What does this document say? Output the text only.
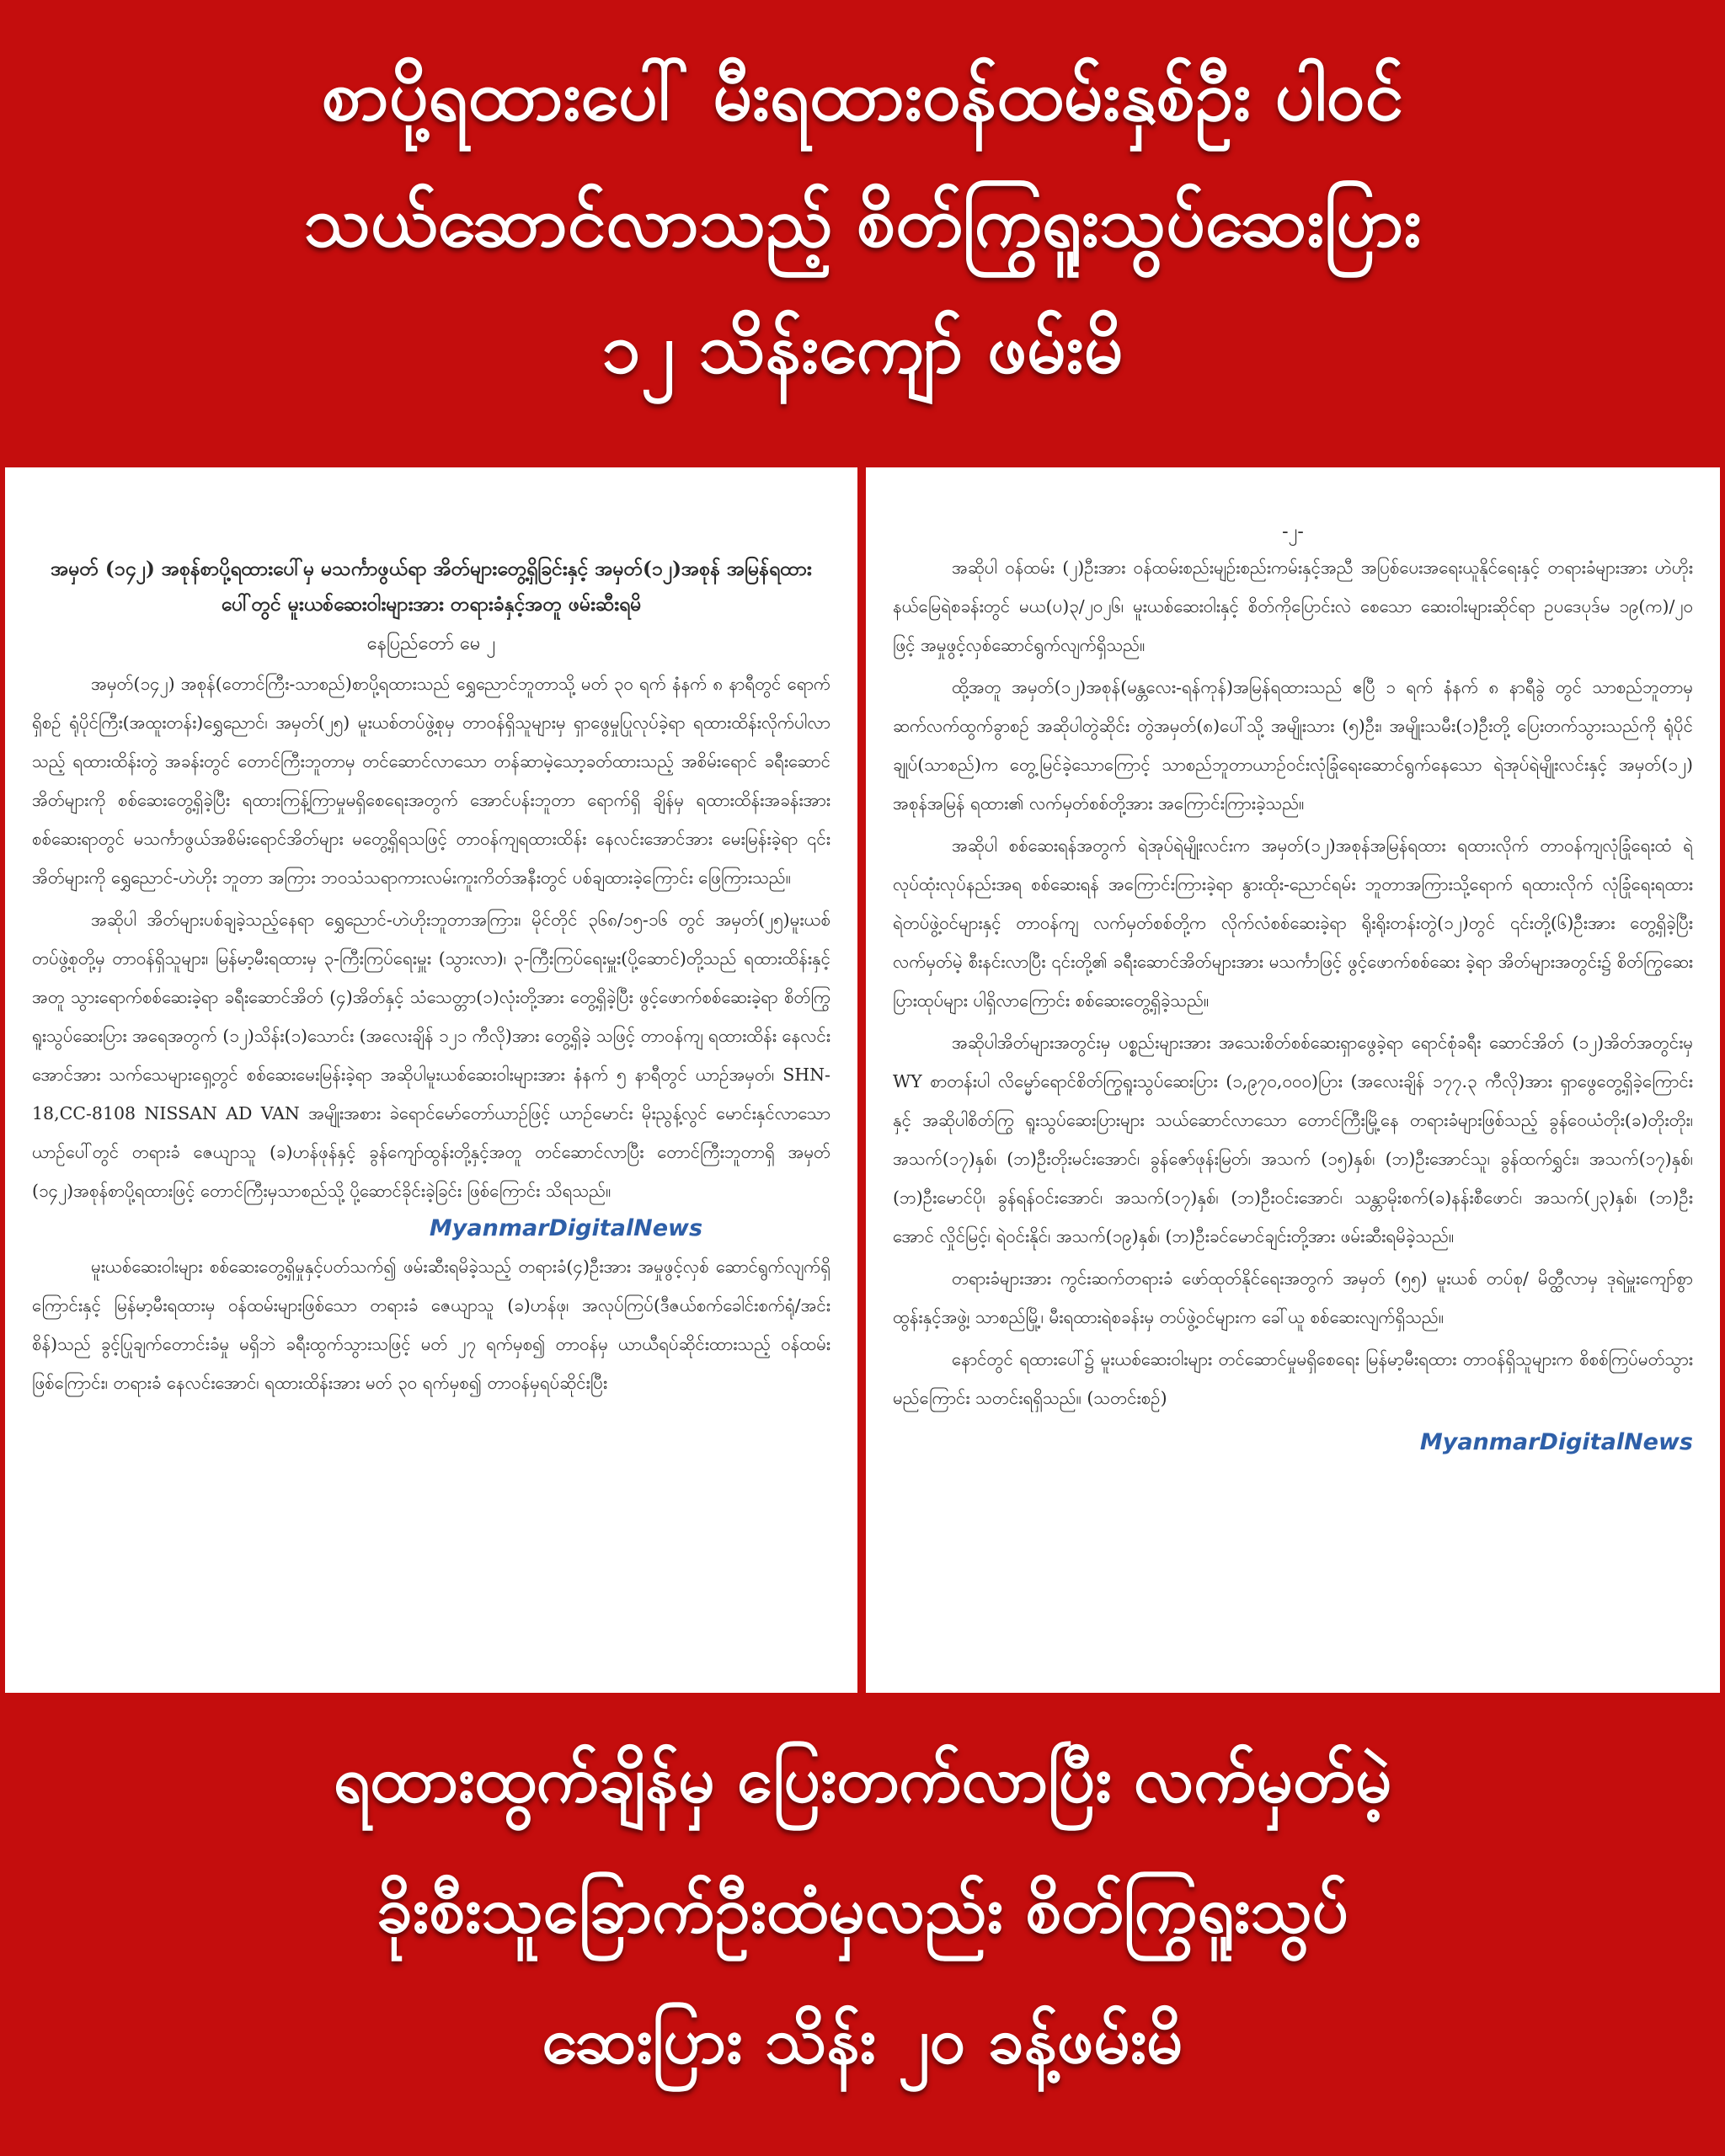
စာပို့ရထားပေါ် မီးရထားဝန်ထမ်းနှစ်ဦး ပါဝင်
သယ်ဆောင်လာသည့် စိတ်ကြွရူးသွပ်ဆေးပြား
၁၂ သိန်းကျော် ဖမ်းမိ
အမှတ် (၁၄၂) အစုန်စာပို့ရထားပေါ်မှ မသင်္ကာဖွယ်ရာ အိတ်များတွေ့ရှိခြင်းနှင့် အမှတ်(၁၂)အစုန် အမြန်ရထားပေါ်တွင် မူးယစ်ဆေးဝါးများအား တရားခံနှင့်အတူ ဖမ်းဆီးရမိ
နေပြည်တော် မေ ၂

အမှတ်(၁၄၂) အစုန်(တောင်ကြီး-သာစည်)စာပို့ရထားသည် ရွှေညောင်ဘူတာသို့ မတ် ၃၀ ရက် နံနက် ၈ နာရီတွင် ရောက်ရှိစဉ် ရုံပိုင်ကြီး(အထူးတန်း)ရွှေညောင်၊ အမှတ်(၂၅) မူးယစ်တပ်ဖွဲ့စုမှ တာဝန်ရှိသူများမှ ရှာဖွေမှုပြုလုပ်ခဲ့ရာ ရထားထိန်းလိုက်ပါလာသည့် ရထားထိန်းတွဲ အခန်းတွင် တောင်ကြီးဘူတာမှ တင်ဆောင်လာသော တန်ဆာမဲ့သော့ခတ်ထားသည့် အစိမ်းရောင် ခရီးဆောင် အိတ်များကို စစ်ဆေးတွေ့ရှိခဲ့ပြီး ရထားကြန့်ကြာမှုမရှိစေရေးအတွက် အောင်ပန်းဘူတာ ရောက်ရှိ ချိန်မှ ရထားထိန်းအခန်းအား စစ်ဆေးရာတွင် မသင်္ကာဖွယ်အစိမ်းရောင်အိတ်များ မတွေ့ရှိရသဖြင့် တာဝန်ကျရထားထိန်း နေလင်းအောင်အား မေးမြန်းခဲ့ရာ ၎င်းအိတ်များကို ရွှေညောင်-ဟဲဟိုး ဘူတာ အကြား ဘဝသံသရာကားလမ်းကူးကိတ်အနီးတွင် ပစ်ချထားခဲ့ကြောင်း ဖြေကြားသည်။

အဆိုပါ အိတ်များပစ်ချခဲ့သည့်နေရာ ရွှေညောင်-ဟဲဟိုးဘူတာအကြား၊ မိုင်တိုင် ၃၆၈/၁၅-၁၆ တွင် အမှတ်(၂၅)မူးယစ်တပ်ဖွဲ့စုတို့မှ တာဝန်ရှိသူများ၊ မြန်မာ့မီးရထားမှ ၃-ကြီးကြပ်ရေးမှူး (သွားလာ)၊ ၃-ကြီးကြပ်ရေးမှူး(ပို့ဆောင်)တို့သည် ရထားထိန်းနှင့်အတူ သွားရောက်စစ်ဆေးခဲ့ရာ ခရီးဆောင်အိတ် (၄)အိတ်နှင့် သံသေတ္တာ(၁)လုံးတို့အား တွေ့ရှိခဲ့ပြီး ဖွင့်ဖောက်စစ်ဆေးခဲ့ရာ စိတ်ကြွရူးသွပ်ဆေးပြား အရေအတွက် (၁၂)သိန်း(၁)သောင်း (အလေးချိန် ၁၂၁ ကီလို)အား တွေ့ရှိခဲ့ သဖြင့် တာဝန်ကျ ရထားထိန်း နေလင်းအောင်အား သက်သေများရှေ့တွင် စစ်ဆေးမေးမြန်းခဲ့ရာ အဆိုပါမူးယစ်ဆေးဝါးများအား နံနက် ၅ နာရီတွင် ယာဉ်အမှတ်၊ SHN-18,CC-8108 NISSAN AD VAN အမျိုးအစား ခဲရောင်မော်တော်ယာဉ်ဖြင့် ယာဉ်မောင်း မိုးညွန့်လွင် မောင်းနှင်လာသော ယာဉ်ပေါ်တွင် တရားခံ ဇေယျာသူ (ခ)ဟန်ဖုန်နှင့် ခွန်ကျော်ထွန်းတို့နှင့်အတူ တင်ဆောင်လာပြီး တောင်ကြီးဘူတာရှိ အမှတ် (၁၄၂)အစုန်စာပို့ရထားဖြင့် တောင်ကြီးမှသာစည်သို့ ပို့ဆောင်ခိုင်းခဲ့ခြင်း ဖြစ်ကြောင်း သိရသည်။

MyanmarDigitalNews

မူးယစ်ဆေးဝါးများ စစ်ဆေးတွေ့ရှိမှုနှင့်ပတ်သက်၍ ဖမ်းဆီးရမိခဲ့သည့် တရားခံ(၄)ဦးအား အမှုဖွင့်လှစ် ဆောင်ရွက်လျက်ရှိကြောင်းနှင့် မြန်မာ့မီးရထားမှ ဝန်ထမ်းများဖြစ်သော တရားခံ ဇေယျာသူ (ခ)ဟန်ဖု၊ အလုပ်ကြပ်(ဒီဇယ်စက်ခေါင်းစက်ရုံ/အင်းစိန်)သည် ခွင့်ပြုချက်တောင်းခံမှု မရှိဘဲ ခရီးထွက်သွားသဖြင့် မတ် ၂၇ ရက်မှစ၍ တာဝန်မှ ယာယီရပ်ဆိုင်းထားသည့် ဝန်ထမ်း ဖြစ်ကြောင်း၊ တရားခံ နေလင်းအောင်၊ ရထားထိန်းအား မတ် ၃၀ ရက်မှစ၍ တာဝန်မှရပ်ဆိုင်းပြီး

-၂-

အဆိုပါ ဝန်ထမ်း (၂)ဦးအား ဝန်ထမ်းစည်းမျဉ်းစည်းကမ်းနှင့်အညီ အပြစ်ပေးအရေးယူနိုင်ရေးနှင့် တရားခံများအား ဟဲဟိုးနယ်မြေရဲစခန်းတွင် မယ(ပ)၃/၂၀၂၆၊ မူးယစ်ဆေးဝါးနှင့် စိတ်ကိုပြောင်းလဲ စေသော ဆေးဝါးများဆိုင်ရာ ဥပဒေပုဒ်မ ၁၉(က)/၂၀ ဖြင့် အမှုဖွင့်လှစ်ဆောင်ရွက်လျက်ရှိသည်။

ထို့အတူ အမှတ်(၁၂)အစုန်(မန္တလေး-ရန်ကုန်)အမြန်ရထားသည် ဧပြီ ၁ ရက် နံနက် ၈ နာရီခွဲ တွင် သာစည်ဘူတာမှ ဆက်လက်ထွက်ခွာစဉ် အဆိုပါတွဲဆိုင်း တွဲအမှတ်(၈)ပေါ်သို့ အမျိုးသား (၅)ဦး၊ အမျိုးသမီး(၁)ဦးတို့ ပြေးတက်သွားသည်ကို ရုံပိုင်ချုပ်(သာစည်)က တွေ့မြင်ခဲ့သောကြောင့် သာစည်ဘူတာယာဉ်ဝင်းလုံခြုံရေးဆောင်ရွက်နေသော ရဲအုပ်ရဲမျိုးလင်းနှင့် အမှတ်(၁၂) အစုန်အမြန် ရထား၏ လက်မှတ်စစ်တို့အား အကြောင်းကြားခဲ့သည်။

အဆိုပါ စစ်ဆေးရန်အတွက် ရဲအုပ်ရဲမျိုးလင်းက အမှတ်(၁၂)အစုန်အမြန်ရထား ရထားလိုက် တာဝန်ကျလုံခြုံရေးထံ ရဲလုပ်ထုံးလုပ်နည်းအရ စစ်ဆေးရန် အကြောင်းကြားခဲ့ရာ နွားထိုး-ညောင်ရမ်း ဘူတာအကြားသို့ရောက် ရထားလိုက် လုံခြုံရေးရထားရဲတပ်ဖွဲ့ဝင်များနှင့် တာဝန်ကျ လက်မှတ်စစ်တို့က လိုက်လံစစ်ဆေးခဲ့ရာ ရိုးရိုးတန်းတွဲ(၁၂)တွင် ၎င်းတို့(၆)ဦးအား တွေ့ရှိခဲ့ပြီး လက်မှတ်မဲ့ စီးနင်းလာပြီး ၎င်းတို့၏ ခရီးဆောင်အိတ်များအား မသင်္ကာဖြင့် ဖွင့်ဖောက်စစ်ဆေး ခဲ့ရာ အိတ်များအတွင်း၌ စိတ်ကြွဆေးပြားထုပ်များ ပါရှိလာကြောင်း စစ်ဆေးတွေ့ရှိခဲ့သည်။

အဆိုပါအိတ်များအတွင်းမှ ပစ္စည်းများအား အသေးစိတ်စစ်ဆေးရှာဖွေခဲ့ရာ ရောင်စုံခရီး ဆောင်အိတ် (၁၂)အိတ်အတွင်းမှ WY စာတန်းပါ လိမ္မော်ရောင်စိတ်ကြွရူးသွပ်ဆေးပြား (၁,၉၇၀,၀၀၀)ပြား (အလေးချိန် ၁၇၇.၃ ကီလို)အား ရှာဖွေတွေ့ရှိခဲ့ကြောင်းနှင့် အဆိုပါစိတ်ကြွ ရူးသွပ်ဆေးပြားများ သယ်ဆောင်လာသော တောင်ကြီးမြို့နေ တရားခံများဖြစ်သည့် ခွန်ဝေယံတိုး(ခ)တိုးတိုး၊ အသက်(၁၇)နှစ်၊ (ဘ)ဦးတိုးမင်းအောင်၊ ခွန်ဇော်ဖုန်းမြတ်၊ အသက် (၁၅)နှစ်၊ (ဘ)ဦးအောင်သူ၊ ခွန်ထက်ရွှင်း၊ အသက်(၁၇)နှစ်၊ (ဘ)ဦးမောင်ပို၊ ခွန်ရန်ဝင်းအောင်၊ အသက်(၁၇)နှစ်၊ (ဘ)ဦးဝင်းအောင်၊ သန္တာမိုးစက်(ခ)နန်းစီဖောင်၊ အသက်(၂၃)နှစ်၊ (ဘ)ဦးအောင် လှိုင်မြင့်၊ ရဲဝင်းနိုင်၊ အသက်(၁၉)နှစ်၊ (ဘ)ဦးခင်မောင်ချင်းတို့အား ဖမ်းဆီးရမိခဲ့သည်။

တရားခံများအား ကွင်းဆက်တရားခံ ဖော်ထုတ်နိုင်ရေးအတွက် အမှတ် (၅၅) မူးယစ် တပ်စု/ မိတ္ထီလာမှ ဒုရဲမှူးကျော်စွာထွန်းနှင့်အဖွဲ့၊ သာစည်မြို့၊ မီးရထားရဲစခန်းမှ တပ်ဖွဲ့ဝင်များက ခေါ်ယူ စစ်ဆေးလျက်ရှိသည်။

နောင်တွင် ရထားပေါ်၌ မူးယစ်ဆေးဝါးများ တင်ဆောင်မှုမရှိစေရေး မြန်မာ့မီးရထား တာဝန်ရှိသူများက စိစစ်ကြပ်မတ်သွားမည်ကြောင်း သတင်းရရှိသည်။ (သတင်းစဉ်)

MyanmarDigitalNews
ရထားထွက်ချိန်မှ ပြေးတက်လာပြီး လက်မှတ်မဲ့
ခိုးစီးသူခြောက်ဦးထံမှလည်း စိတ်ကြွရူးသွပ်
ဆေးပြား သိန်း ၂၀ ခန့်ဖမ်းမိ
